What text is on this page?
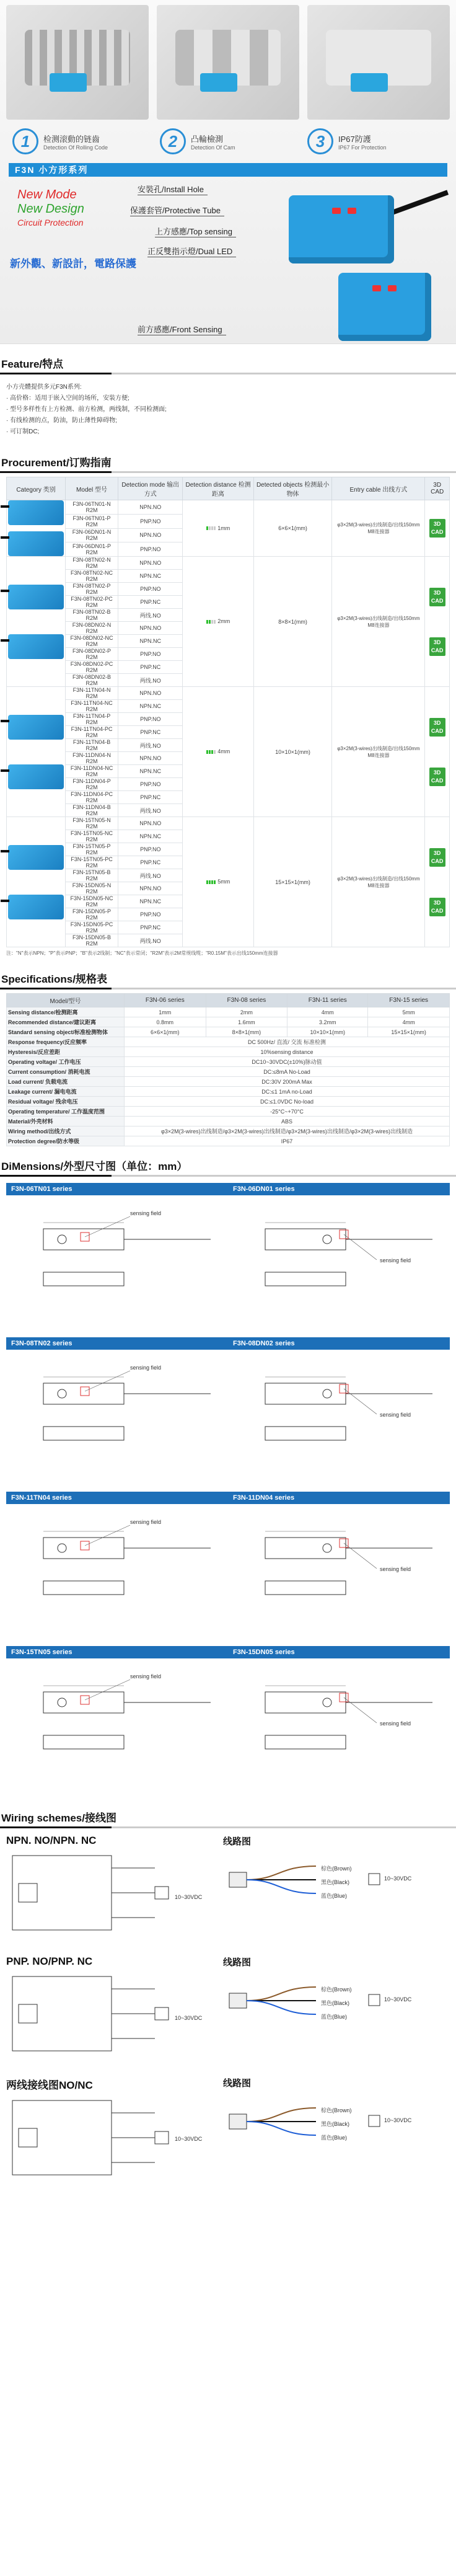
1	检测滚動的链齒
Detection Of Rolling Code	2	凸輪檢測
Detection Of Cam	3	IP67防護
IP67 For Protection
F3N 小方形系列
New Mode
New Design
Circuit Protection
新外觀、新設計，電路保護
安裝孔/Install Hole
保護套管/Protective Tube
上方感應/Top sensing
正反雙指示燈/Dual LED
前方感應/Front Sensing
Feature/特点
小方壳體提供多元F3N系列:
· 高价格：适用于嵌入空间的场所，安装方便;
· 型号多样性有上方检测、前方检测，两线制，不同检测面;
· 有线检测的点，防油，防止薄性障碍物;
· 可订制DC;
Procurement/订购指南
Category 类别	Model 型号	Detection mode 输出方式	Detection distance 检测距离	Detected objects 检测最小物体	Entry cable 出线方式	3D CAD

	F3N-06TN01-N R2M	NPN.NO	1mm	6×6×1(mm)	φ3×2M(3-wires)出线制造/出线150mm M8连接器	3D
CAD
	F3N-06TN01-P R2M	PNP.NO				
	F3N-06DN01-N R2M	NPN.NO				
	F3N-06DN01-P R2M	PNP.NO				

	F3N-08TN02-N R2M	NPN.NO	2mm	8×8×1(mm)	φ3×2M(3-wires)出线制造/出线150mm M8连接器	3D
CAD
3D
CAD
	F3N-08TN02-NC R2M	NPN.NC				
	F3N-08TN02-P R2M	PNP.NO				
	F3N-08TN02-PC R2M	PNP.NC				
	F3N-08TN02-B R2M	两线.NO				
	F3N-08DN02-N R2M	NPN.NO				
	F3N-08DN02-NC R2M	NPN.NC				
	F3N-08DN02-P R2M	PNP.NO				
	F3N-08DN02-PC R2M	PNP.NC				
	F3N-08DN02-B R2M	两线.NO				

	F3N-11TN04-N R2M	NPN.NO	4mm	10×10×1(mm)	φ3×2M(3-wires)出线制造/出线150mm M8连接器	3D
CAD
3D
CAD
	F3N-11TN04-NC R2M	NPN.NC				
	F3N-11TN04-P R2M	PNP.NO				
	F3N-11TN04-PC R2M	PNP.NC				
	F3N-11TN04-B R2M	两线.NO				
	F3N-11DN04-N R2M	NPN.NO				
	F3N-11DN04-NC R2M	NPN.NC				
	F3N-11DN04-P R2M	PNP.NO				
	F3N-11DN04-PC R2M	PNP.NC				
	F3N-11DN04-B R2M	两线.NO				

	F3N-15TN05-N R2M	NPN.NO	5mm	15×15×1(mm)	φ3×2M(3-wires)出线制造/出线150mm M8连接器	3D
CAD
3D
CAD
	F3N-15TN05-NC R2M	NPN.NC				
	F3N-15TN05-P R2M	PNP.NO				
	F3N-15TN05-PC R2M	PNP.NC				
	F3N-15TN05-B R2M	两线.NO				
	F3N-15DN05-N R2M	NPN.NO				
	F3N-15DN05-NC R2M	NPN.NC				
	F3N-15DN05-P R2M	PNP.NO				
	F3N-15DN05-PC R2M	PNP.NC				
	F3N-15DN05-B R2M	两线.NO				
注："N"表示NPN；"P"表示PNP；"B"表示2线制；"NC"表示常闭；"R2M"表示2M常规线缆；"R0.15M"表示出线150mm连接器
Specifications/规格表
Model/型号	F3N-06 series	F3N-08 series	F3N-11 series	F3N-15 series
Sensing distance/检测距离	1mm	2mm	4mm	5mm
Recommended distance/建议距离	0.8mm	1.6mm	3.2mm	4mm
Standard sensing object/标准检测物体	6×6×1(mm)	8×8×1(mm)	10×10×1(mm)	15×15×1(mm)
Response frequency/反应频率	DC 500Hz/ 直流/ 交流 标准检测			
Hysteresis/反应差距	10%sensing distance			
Operating voltage/ 工作电压	DC10~30VDC(±10%)脉动值			
Current consumption/ 消耗电流	DC:≤8mA No-Load			
Load current/ 负载电流	DC:30V 200mA Max			
Leakage current/ 漏电电流	DC:≤1 1mA no-Load			
Residual voltage/ 残余电压	DC:≤1.0VDC No-load			
Operating temperature/ 工作温度范围	-25°C~+70°C			
Material/外壳材料	ABS			
Wiring method/出线方式	φ3×2M(3-wires)出线制造/φ3×2M(3-wires)出线制造/φ3×2M(3-wires)出线制造/φ3×2M(3-wires)出线制造			
Protection degree/防水等级	IP67			
DiMensions/外型尺寸图（单位：mm）
F3N-06TN01 series
sensing field
F3N-06DN01 series
sensing field
F3N-08TN02 series
sensing field
F3N-08DN02 series
sensing field
F3N-11TN04 series
sensing field
F3N-11DN04 series
sensing field
F3N-15TN05 series
sensing field
F3N-15DN05 series
sensing field
Wiring schemes/接线图
NPN. NO/NPN. NC
10~30VDC
线路图
棕色(Brown)
黑色(Black)
蓝色(Blue)
10~30VDC
PNP. NO/PNP. NC
10~30VDC
线路图
棕色(Brown)
黑色(Black)
蓝色(Blue)
10~30VDC
两线接线图NO/NC
10~30VDC
线路图
棕色(Brown)
黑色(Black)
蓝色(Blue)
10~30VDC
